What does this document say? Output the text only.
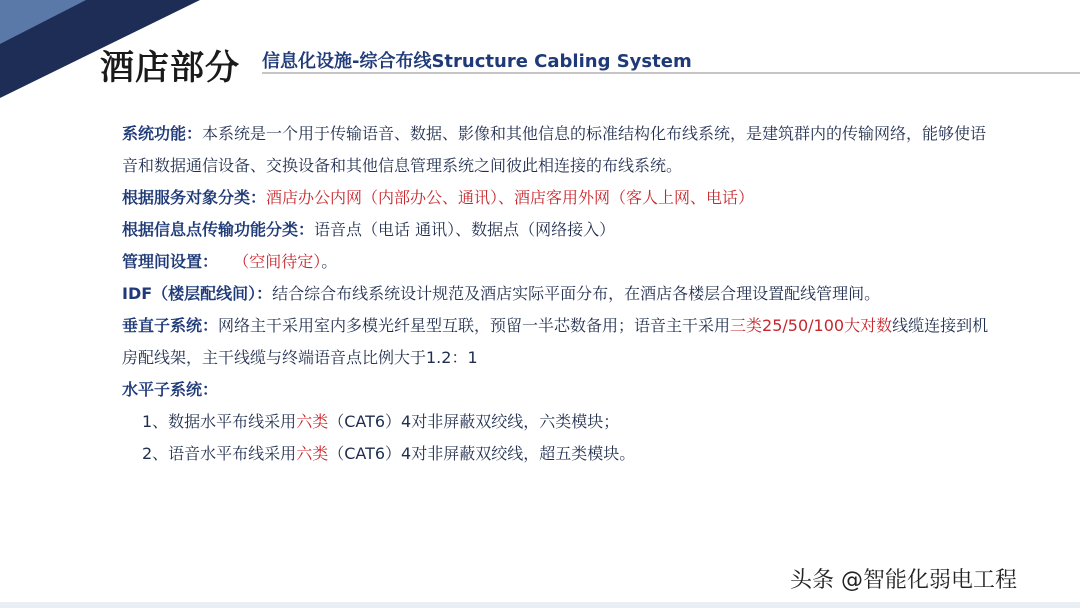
酒店部分 信息化设施-综合布线Structure Cabling System

系统功能：本系统是一个用于传输语音、数据、影像和其他信息的标准结构化布线系统，是建筑群内的传输网络，能够使语音和数据通信设备、交换设备和其他信息管理系统之间彼此相连接的布线系统。

根据服务对象分类：酒店办公内网（内部办公、通讯）、酒店客用外网（客人上网、电话）

根据信息点传输功能分类：语音点（电话 通讯）、数据点（网络接入）

管理间设置： （空间待定）。

IDF（楼层配线间）：结合综合布线系统设计规范及酒店实际平面分布，在酒店各楼层合理设置配线管理间。

垂直子系统：网络主干采用室内多模光纤星型互联，预留一半芯数备用；语音主干采用三类25/50/100大对数线缆连接到机房配线架，主干线缆与终端语音点比例大于1.2：1

水平子系统：

1、数据水平布线采用六类（CAT6）4对非屏蔽双绞线，六类模块；

2、语音水平布线采用六类（CAT6）4对非屏蔽双绞线，超五类模块。

头条 @智能化弱电工程
